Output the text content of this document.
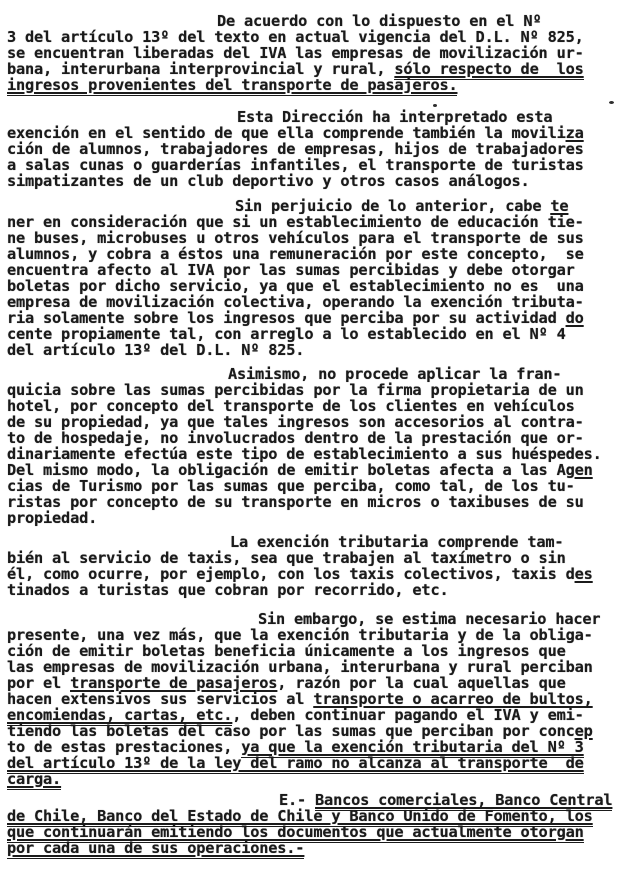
De acuerdo con lo dispuesto en el Nº
3 del artículo 13º del texto en actual vigencia del D.L. Nº 825,
se encuentran liberadas del IVA las empresas de movilización ur-
bana, interurbana interprovincial y rural, sólo respecto de  los
ingresos provenientes del transporte de pasajeros.
Esta Dirección ha interpretado esta
exención en el sentido de que ella comprende también la moviliza
ción de alumnos, trabajadores de empresas, hijos de trabajadores
a salas cunas o guarderías infantiles, el transporte de turistas
simpatizantes de un club deportivo y otros casos análogos.
Sin perjuicio de lo anterior, cabe te
ner en consideración que si un establecimiento de educación tie-
ne buses, microbuses u otros vehículos para el transporte de sus
alumnos, y cobra a éstos una remuneración por este concepto,  se
encuentra afecto al IVA por las sumas percibidas y debe otorgar
boletas por dicho servicio, ya que el establecimiento no es  una
empresa de movilización colectiva, operando la exención tributa-
ria solamente sobre los ingresos que perciba por su actividad do
cente propiamente tal, con arreglo a lo establecido en el Nº 4
del artículo 13º del D.L. Nº 825.
Asimismo, no procede aplicar la fran-
quicia sobre las sumas percibidas por la firma propietaria de un
hotel, por concepto del transporte de los clientes en vehículos
de su propiedad, ya que tales ingresos son accesorios al contra-
to de hospedaje, no involucrados dentro de la prestación que or-
dinariamente efectúa este tipo de establecimiento a sus huéspedes.
Del mismo modo, la obligación de emitir boletas afecta a las Agen
cias de Turismo por las sumas que perciba, como tal, de los tu-
ristas por concepto de su transporte en micros o taxibuses de su
propiedad.
La exención tributaria comprende tam-
bién al servicio de taxis, sea que trabajen al taxímetro o sin
él, como ocurre, por ejemplo, con los taxis colectivos, taxis des
tinados a turistas que cobran por recorrido, etc.
Sin embargo, se estima necesario hacer
presente, una vez más, que la exención tributaria y de la obliga-
ción de emitir boletas beneficia únicamente a los ingresos que
las empresas de movilización urbana, interurbana y rural perciban
por el transporte de pasajeros, razón por la cual aquellas que
hacen extensivos sus servicios al transporte o acarreo de bultos,
encomiendas, cartas, etc., deben continuar pagando el IVA y emi-
tiendo las boletas del caso por las sumas que perciban por concep
to de estas prestaciones, ya que la exención tributaria del Nº 3
del artículo 13º de la ley del ramo no alcanza al transporte  de
carga.
E.- Bancos comerciales, Banco Central
de Chile, Banco del Estado de Chile y Banco Unido de Fomento, los
que continuarán emitiendo los documentos que actualmente otorgan
por cada una de sus operaciones.-
